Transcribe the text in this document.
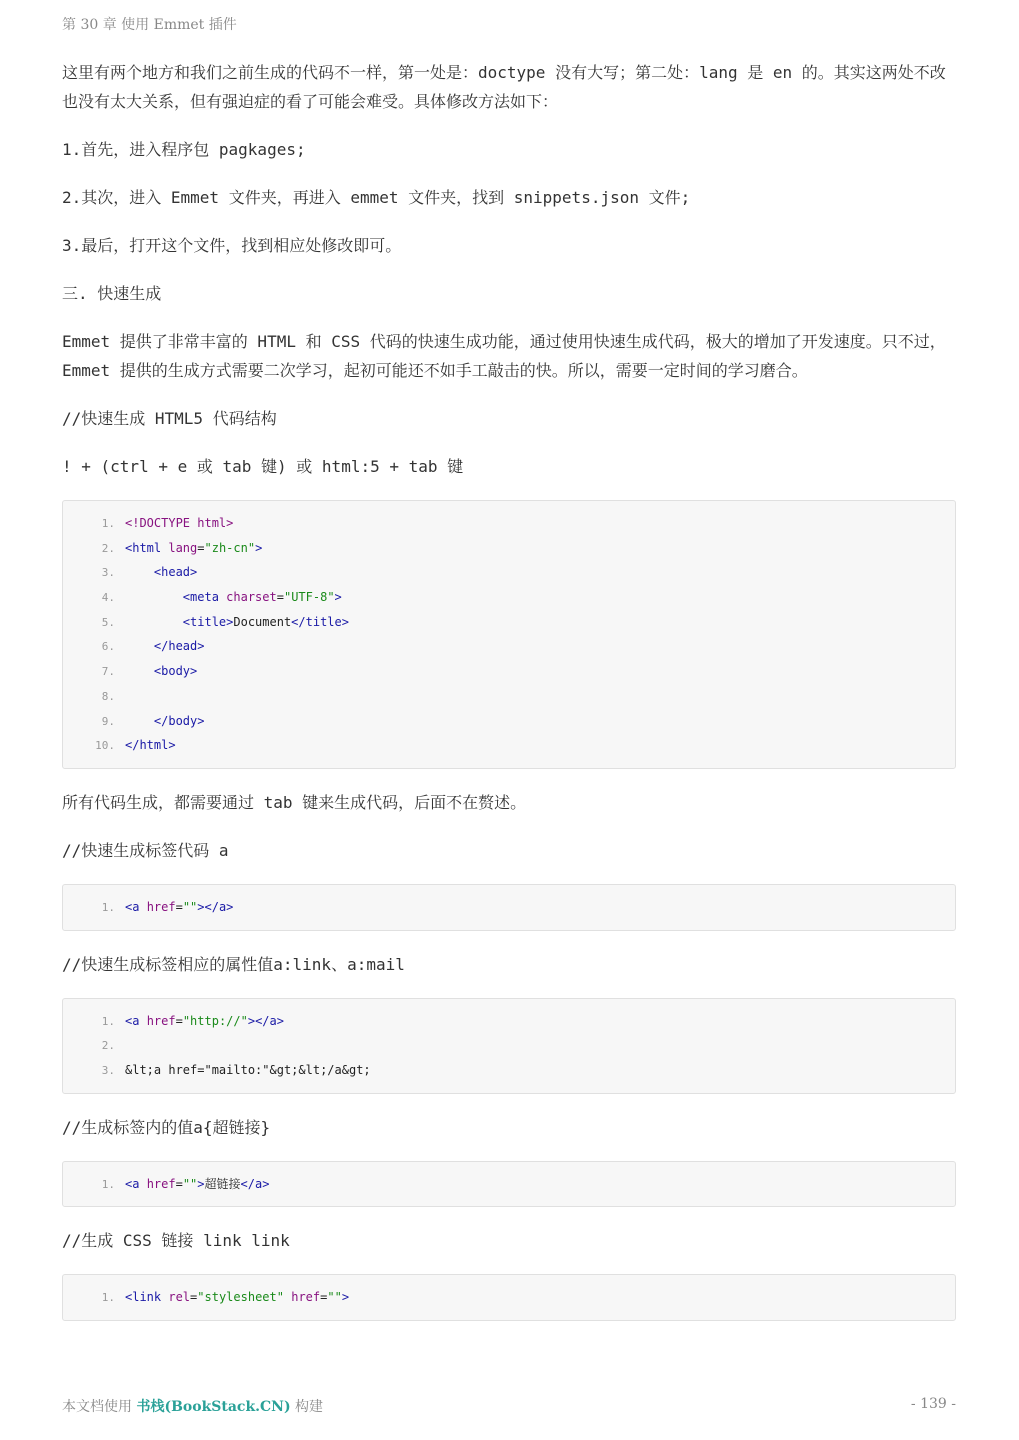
第 30 章 使用 Emmet 插件

这里有两个地方和我们之前生成的代码不一样，第一处是：doctype 没有大写；第二处：lang 是 en 的。其实这两处不改也没有太大关系，但有强迫症的看了可能会难受。具体修改方法如下：

1.首先，进入程序包 pagkages;

2.其次，进入 Emmet 文件夹，再进入 emmet 文件夹，找到 snippets.json 文件;

3.最后，打开这个文件，找到相应处修改即可。

三. 快速生成

Emmet 提供了非常丰富的 HTML 和 CSS 代码的快速生成功能，通过使用快速生成代码，极大的增加了开发速度。只不过，Emmet 提供的生成方式需要二次学习，起初可能还不如手工敲击的快。所以，需要一定时间的学习磨合。

//快速生成 HTML5 代码结构

! + (ctrl + e 或 tab 键) 或 html:5 + tab 键

1. <!DOCTYPE html>
2. <html lang="zh-cn">
3.	<head>
4.	<meta charset="UTF-8">
5.	<title>Document</title>
6.	</head>
7.	<body>
8.
9.	</body>
10. </html>

所有代码生成，都需要通过 tab 键来生成代码，后面不在赘述。

//快速生成标签代码 a

1. <a href=""></a>

//快速生成标签相应的属性值a:link、a:mail

1. <a href="http://"></a>
2.
3. &lt;a href="mailto:"&gt;&lt;/a&gt;

//生成标签内的值a{超链接}

1. <a href="">超链接</a>

//生成 CSS 链接 link link

1. <link rel="stylesheet" href="">
本文档使用 书栈(BookStack.CN) 构建	- 139 -
